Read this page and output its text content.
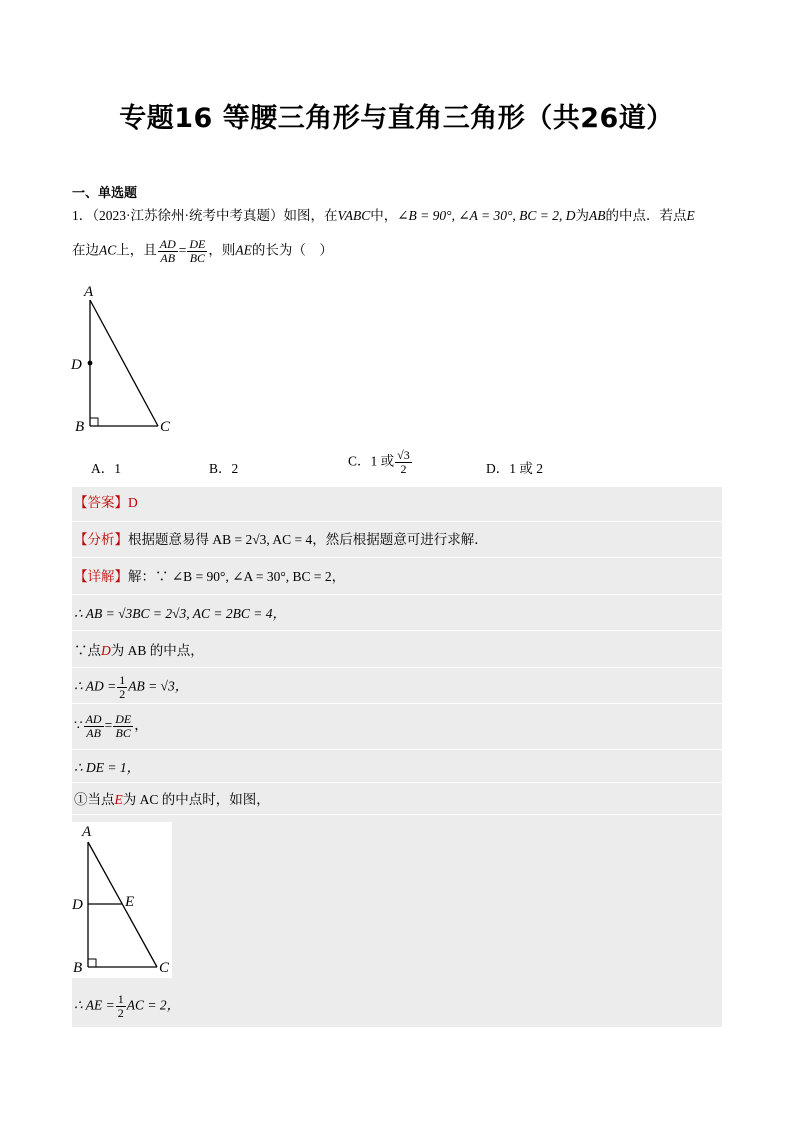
专题16 等腰三角形与直角三角形（共26道）
一、单选题
1．（2023·江苏徐州·统考中考真题）如图，在VABC中，∠B = 90°, ∠A = 30°, BC = 2, D为AB的中点．若点E
在边AC上，且 $\frac{AD}{AB} = \frac{DE}{BC}$ ，则AE的长为（　）
A
D
B	C
A．1	B．2	C．1 或 $\frac{√3}{2}$	D．1 或 2
【答案】D
【分析】根据题意易得 AB = 2√3, AC = 4，然后根据题意可进行求解．
【详解】解：∵ ∠B = 90°, ∠A = 30°, BC = 2，
∴ AB = √3BC = 2√3, AC = 2BC = 4，
∵点D为 AB 的中点，
∴ AD = $\frac{1}{2}$ AB = √3，
∵ $\frac{AD}{AB} = \frac{DE}{BC}$ ，
∴ DE = 1，
①当点E为 AC 的中点时，如图，
A
D	E
B	C
∴ AE = $\frac{1}{2}$ AC = 2，
